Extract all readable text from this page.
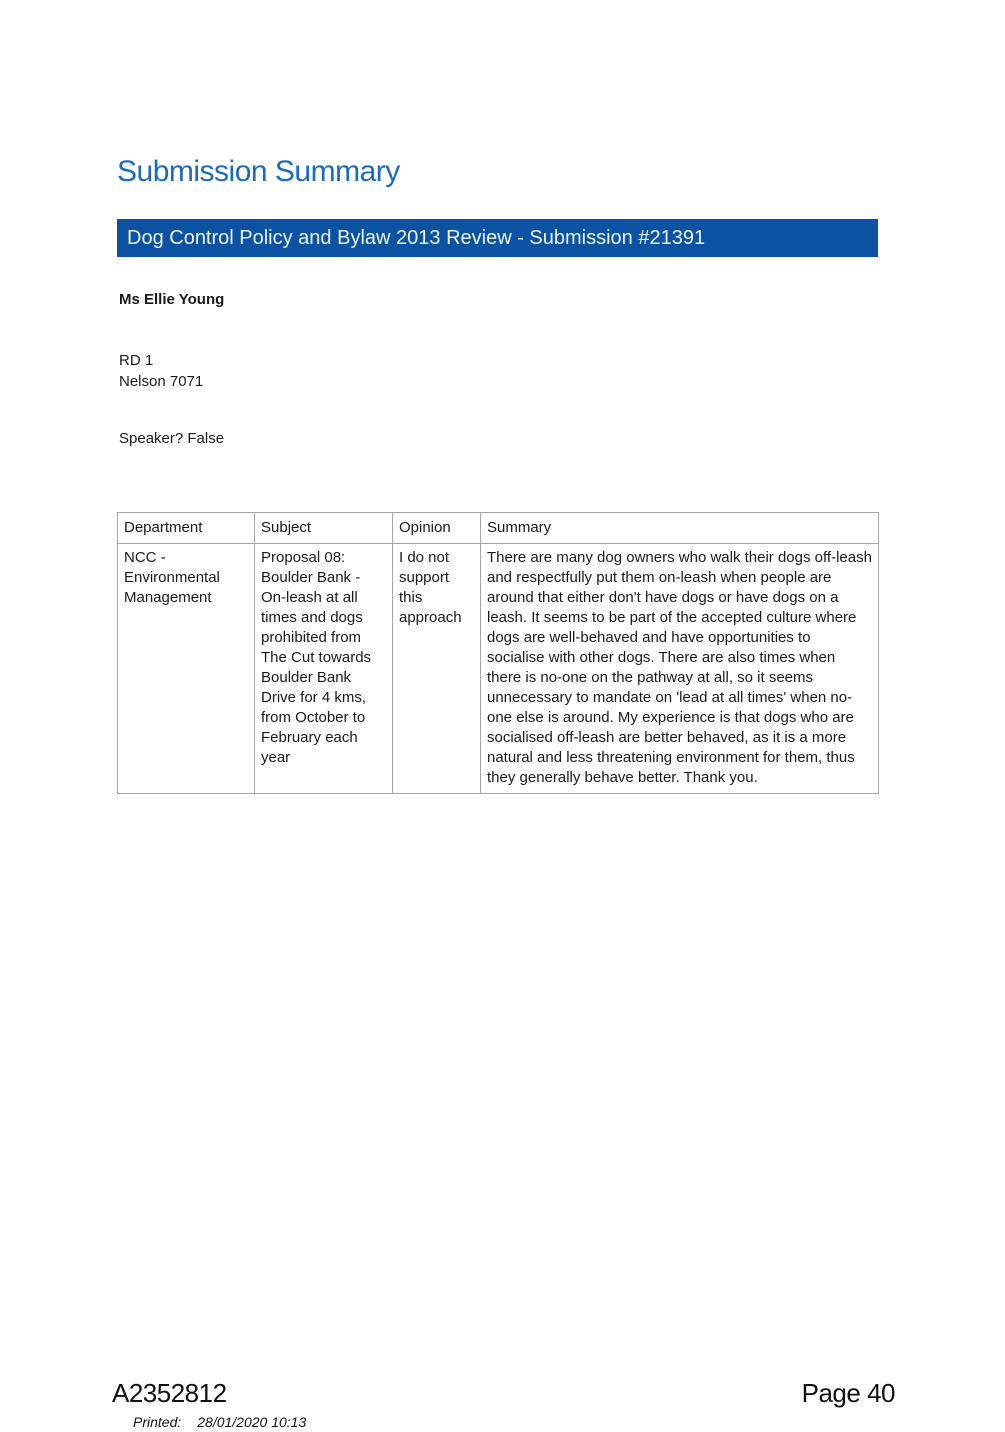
Submission Summary
Dog Control Policy and Bylaw 2013 Review - Submission #21391
Ms Ellie Young
RD 1
Nelson 7071
Speaker? False
Department	Subject	Opinion	Summary
NCC - Environmental Management	Proposal 08: Boulder Bank - On-leash at all times and dogs prohibited from The Cut towards Boulder Bank Drive for 4 kms, from October to February each year	I do not support this approach	There are many dog owners who walk their dogs off-leash and respectfully put them on-leash when people are around that either don't have dogs or have dogs on a leash. It seems to be part of the accepted culture where dogs are well-behaved and have opportunities to socialise with other dogs. There are also times when there is no-one on the pathway at all, so it seems unnecessary to mandate on 'lead at all times' when no-one else is around. My experience is that dogs who are socialised off-leash are better behaved, as it is a more natural and less threatening environment for them, thus they generally behave better. Thank you.
A2352812	Page 40
Printed: 28/01/2020 10:13
